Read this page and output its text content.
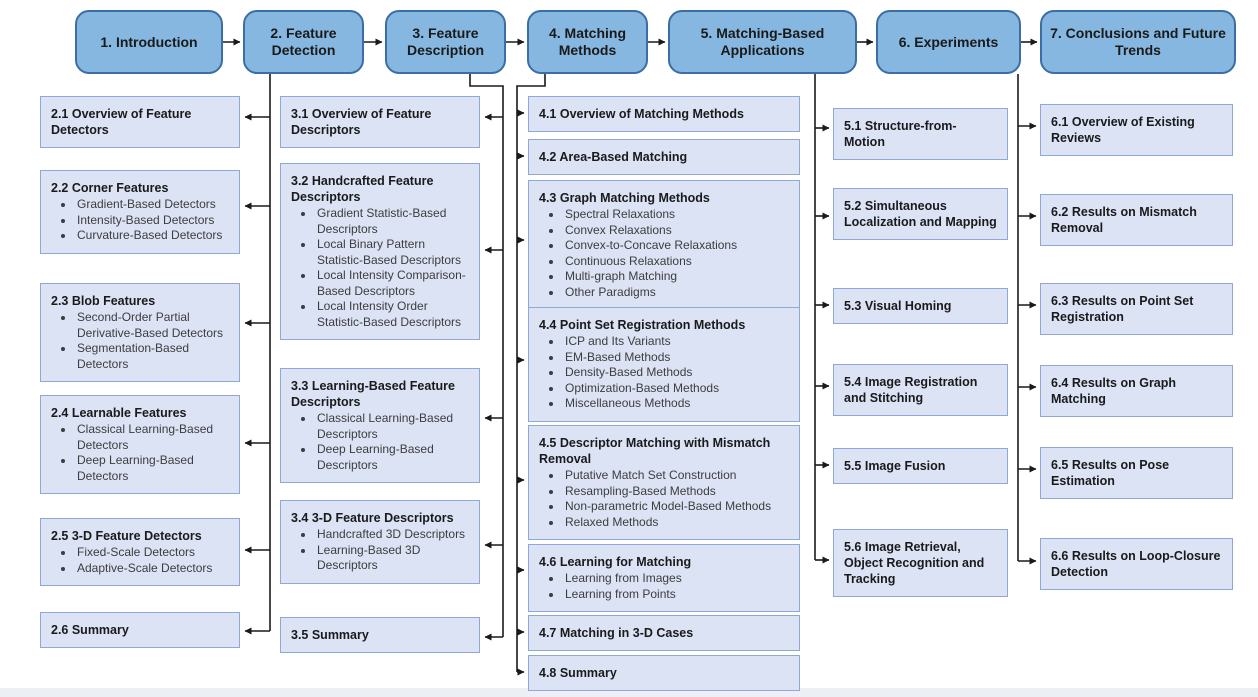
1. Introduction
2. Feature Detection
3. Feature Description
4. Matching Methods
5. Matching-Based Applications
6. Experiments
7. Conclusions and Future Trends
2.1 Overview of Feature Detectors
2.2 Corner Features
• Gradient-Based Detectors
• Intensity-Based Detectors
• Curvature-Based Detectors
2.3 Blob Features
• Second-Order Partial Derivative-Based Detectors
• Segmentation-Based Detectors
2.4 Learnable Features
• Classical Learning-Based Detectors
• Deep Learning-Based Detectors
2.5 3-D Feature Detectors
• Fixed-Scale Detectors
• Adaptive-Scale Detectors
2.6 Summary
3.1 Overview of Feature Descriptors
3.2 Handcrafted Feature Descriptors
• Gradient Statistic-Based Descriptors
• Local Binary Pattern Statistic-Based Descriptors
• Local Intensity Comparison-Based Descriptors
• Local Intensity Order Statistic-Based Descriptors
3.3 Learning-Based Feature Descriptors
• Classical Learning-Based Descriptors
• Deep Learning-Based Descriptors
3.4 3-D Feature Descriptors
• Handcrafted 3D Descriptors
• Learning-Based 3D Descriptors
3.5 Summary
4.1 Overview of Matching Methods
4.2 Area-Based Matching
4.3 Graph Matching Methods
• Spectral Relaxations
• Convex Relaxations
• Convex-to-Concave Relaxations
• Continuous Relaxations
• Multi-graph Matching
• Other Paradigms
4.4 Point Set Registration Methods
• ICP and Its Variants
• EM-Based Methods
• Density-Based Methods
• Optimization-Based Methods
• Miscellaneous Methods
4.5 Descriptor Matching with Mismatch Removal
• Putative Match Set Construction
• Resampling-Based Methods
• Non-parametric Model-Based Methods
• Relaxed Methods
4.6 Learning for Matching
• Learning from Images
• Learning from Points
4.7 Matching in 3-D Cases
4.8 Summary
5.1 Structure-from-Motion
5.2 Simultaneous Localization and Mapping
5.3 Visual Homing
5.4 Image Registration and Stitching
5.5 Image Fusion
5.6 Image Retrieval, Object Recognition and Tracking
6.1 Overview of Existing Reviews
6.2 Results on Mismatch Removal
6.3 Results on Point Set Registration
6.4 Results on Graph Matching
6.5 Results on Pose Estimation
6.6 Results on Loop-Closure Detection
